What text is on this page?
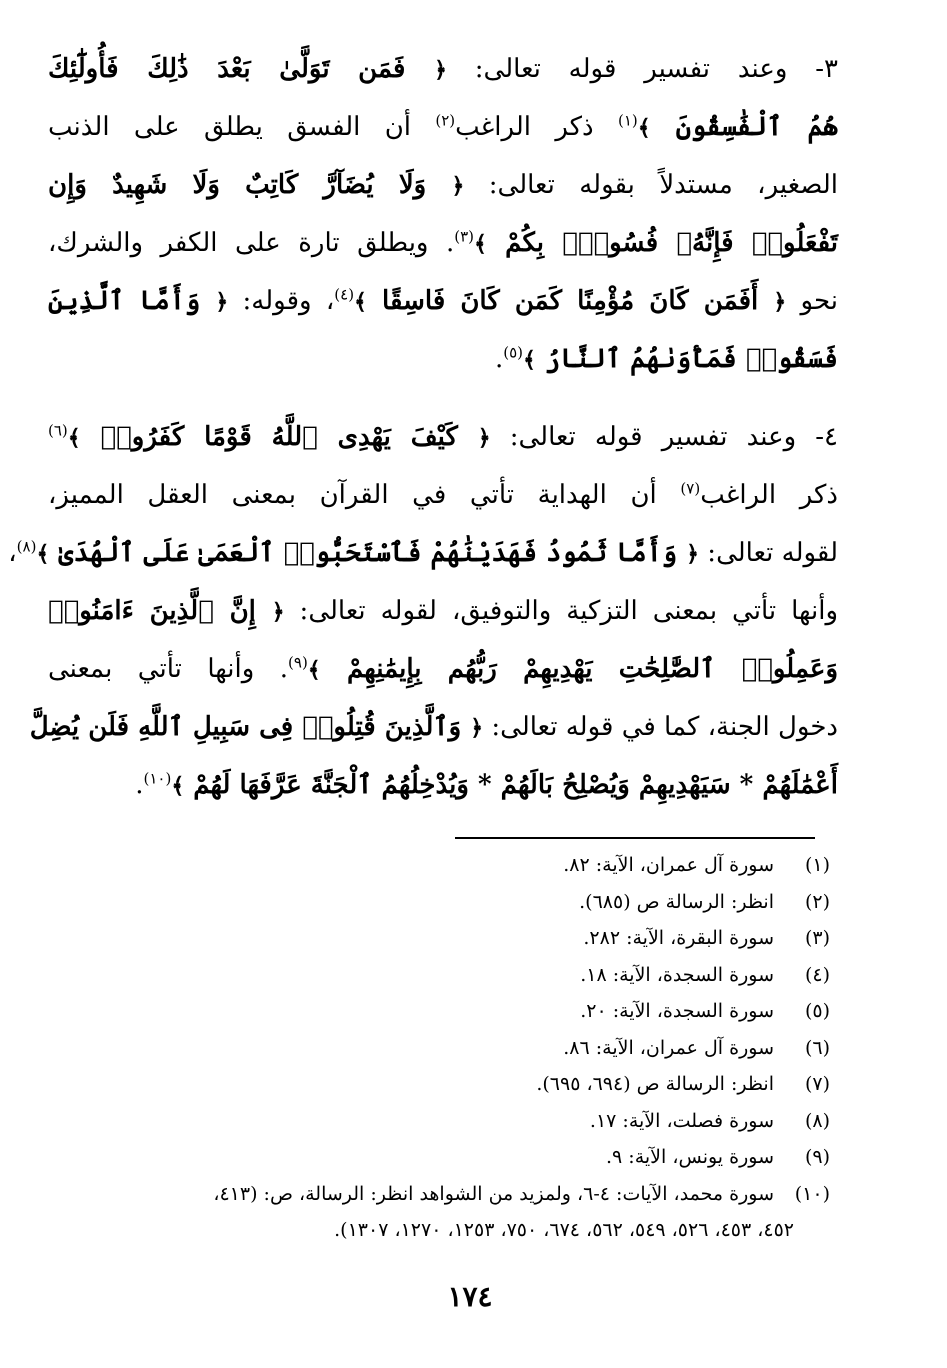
٣- وعند تفسير قوله تعالى: ﴿ فَمَن تَوَلَّىٰ بَعْدَ ذَٰلِكَ فَأُولَٰٓئِكَ
هُمُ ٱلْفَٰسِقُونَ ﴾$^{(١)}$ ذكر الراغب$^{(٢)}$ أن الفسق يطلق على الذنب
الصغير، مستدلاً بقوله تعالى: ﴿ وَلَا يُضَآرَّ كَاتِبٌ وَلَا شَهِيدٌ وَإِن
تَفْعَلُوا۟ فَإِنَّهُۥ فُسُوقٌۢ بِكُمْ ﴾$^{(٣)}$. ويطلق تارة على الكفر والشرك،
نحو ﴿ أَفَمَن كَانَ مُؤْمِنًا كَمَن كَانَ فَاسِقًا ﴾$^{(٤)}$، وقوله: ﴿ وَأَمَّا ٱلَّذِينَ
فَسَقُوا۟ فَمَأْوَىٰهُمُ ٱلنَّارُ ﴾$^{(٥)}$.
٤- وعند تفسير قوله تعالى: ﴿ كَيْفَ يَهْدِى ٱللَّهُ قَوْمًا كَفَرُوا۟ ﴾$^{(٦)}$
ذكر الراغب$^{(٧)}$ أن الهداية تأتي في القرآن بمعنى العقل المميز،
لقوله تعالى: ﴿ وَأَمَّا ثَمُودُ فَهَدَيْنَٰهُمْ فَٱسْتَحَبُّوا۟ ٱلْعَمَىٰ عَلَى ٱلْهُدَىٰ ﴾$^{(٨)}$،
وأنها تأتي بمعنى التزكية والتوفيق، لقوله تعالى: ﴿ إِنَّ ٱلَّذِينَ ءَامَنُوا۟
وَعَمِلُوا۟ ٱلصَّٰلِحَٰتِ يَهْدِيهِمْ رَبُّهُم بِإِيمَٰنِهِمْ ﴾$^{(٩)}$. وأنها تأتي بمعنى
دخول الجنة، كما في قوله تعالى: ﴿ وَٱلَّذِينَ قُتِلُوا۟ فِى سَبِيلِ ٱللَّهِ فَلَن يُضِلَّ
أَعْمَٰلَهُمْ * سَيَهْدِيهِمْ وَيُصْلِحُ بَالَهُمْ * وَيُدْخِلُهُمُ ٱلْجَنَّةَ عَرَّفَهَا لَهُمْ ﴾$^{(١٠)}$.
(١)سورة آل عمران، الآية: ٨٢.
(٢)انظر: الرسالة ص (٦٨٥).
(٣)سورة البقرة، الآية: ٢٨٢.
(٤)سورة السجدة، الآية: ١٨.
(٥)سورة السجدة، الآية: ٢٠.
(٦)سورة آل عمران، الآية: ٨٦.
(٧)انظر: الرسالة ص (٦٩٤، ٦٩٥).
(٨)سورة فصلت، الآية: ١٧.
(٩)سورة يونس، الآية: ٩.
(١٠)سورة محمد، الآيات: ٤-٦، ولمزيد من الشواهد انظر: الرسالة، ص: (٤١٣،
٤٥٢، ٤٥٣، ٥٢٦، ٥٤٩، ٥٦٢، ٦٧٤، ٧٥٠، ١٢٥٣، ١٢٧٠، ١٣٠٧).
١٧٤
